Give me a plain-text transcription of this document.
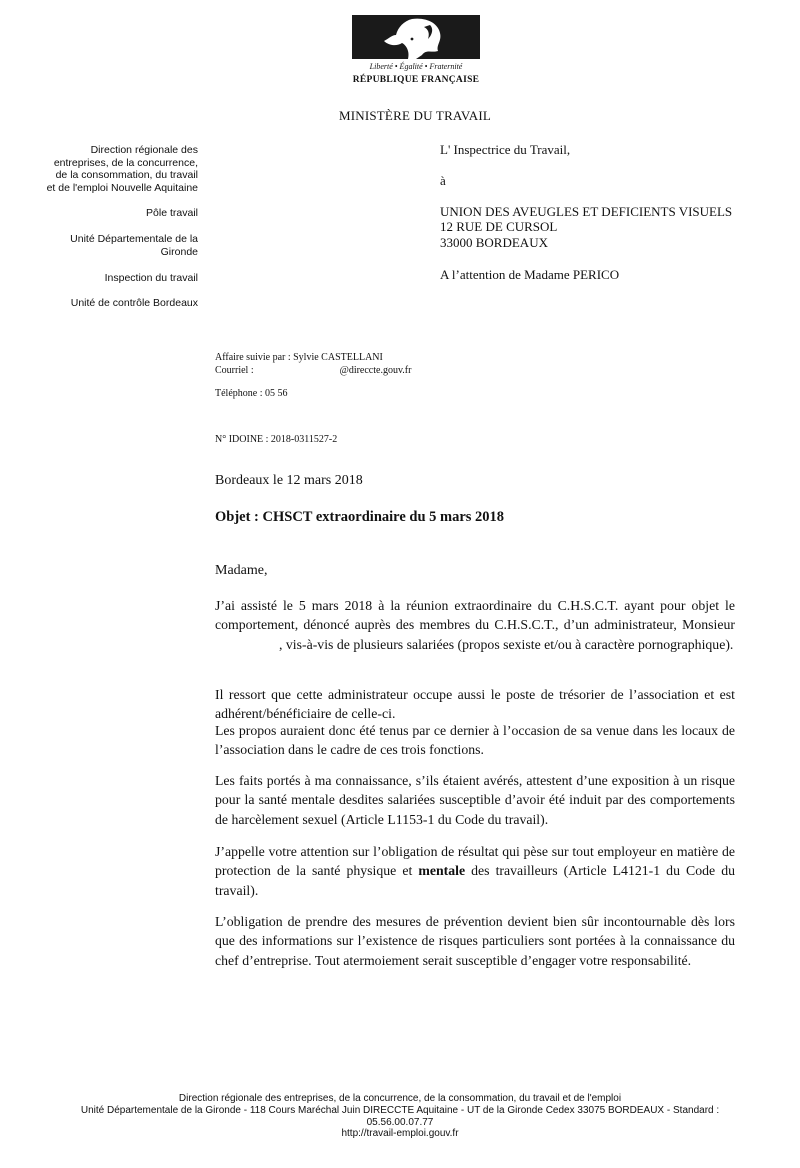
Liberté • Égalité • Fraternité
RÉPUBLIQUE FRANÇAISE
MINISTÈRE DU TRAVAIL
Direction régionale des
entreprises, de la concurrence,
de la consommation, du travail
et de l'emploi Nouvelle Aquitaine
Pôle travail
Unité Départementale de la
Gironde
Inspection du travail
Unité de contrôle Bordeaux
L' Inspectrice du Travail,
à
UNION DES AVEUGLES ET DEFICIENTS VISUELS
12 RUE DE CURSOL
33000 BORDEAUX
A l’attention de Madame PERICO
Affaire suivie par : Sylvie CASTELLANI
Courriel :	@direccte.gouv.fr
Téléphone : 05 56
N° IDOINE : 2018-0311527-2
Bordeaux le 12 mars 2018
Objet : CHSCT extraordinaire du 5 mars 2018
Madame,
J’ai assisté le 5 mars 2018 à la réunion extraordinaire du C.H.S.C.T. ayant pour objet le comportement, dénoncé auprès des membres du C.H.S.C.T., d’un administrateur, Monsieur, vis-à-vis de plusieurs salariées (propos sexiste et/ou à caractère pornographique).
Il ressort que cette administrateur occupe aussi le poste de trésorier de l’association et est adhérent/bénéficiaire de celle-ci.
Les propos auraient donc été tenus par ce dernier à l’occasion de sa venue dans les locaux de l’association dans le cadre de ces trois fonctions.
Les faits portés à ma connaissance, s’ils étaient avérés, attestent d’une exposition à un risque pour la santé mentale desdites salariées susceptible d’avoir été induit par des comportements de harcèlement sexuel (Article L1153-1 du Code du travail).
J’appelle votre attention sur l’obligation de résultat qui pèse sur tout employeur en matière de protection de la santé physique et mentale des travailleurs (Article L4121-1 du Code du travail).
L’obligation de prendre des mesures de prévention devient bien sûr incontournable dès lors que des informations sur l’existence de risques particuliers sont portées à la connaissance du chef d’entreprise. Tout atermoiement serait susceptible d’engager votre responsabilité.
Direction régionale des entreprises, de la concurrence, de la consommation, du travail et de l'emploi
Unité Départementale de la Gironde - 118 Cours Maréchal Juin DIRECCTE Aquitaine - UT de la Gironde Cedex 33075 BORDEAUX - Standard :
05.56.00.07.77
http://travail-emploi.gouv.fr
